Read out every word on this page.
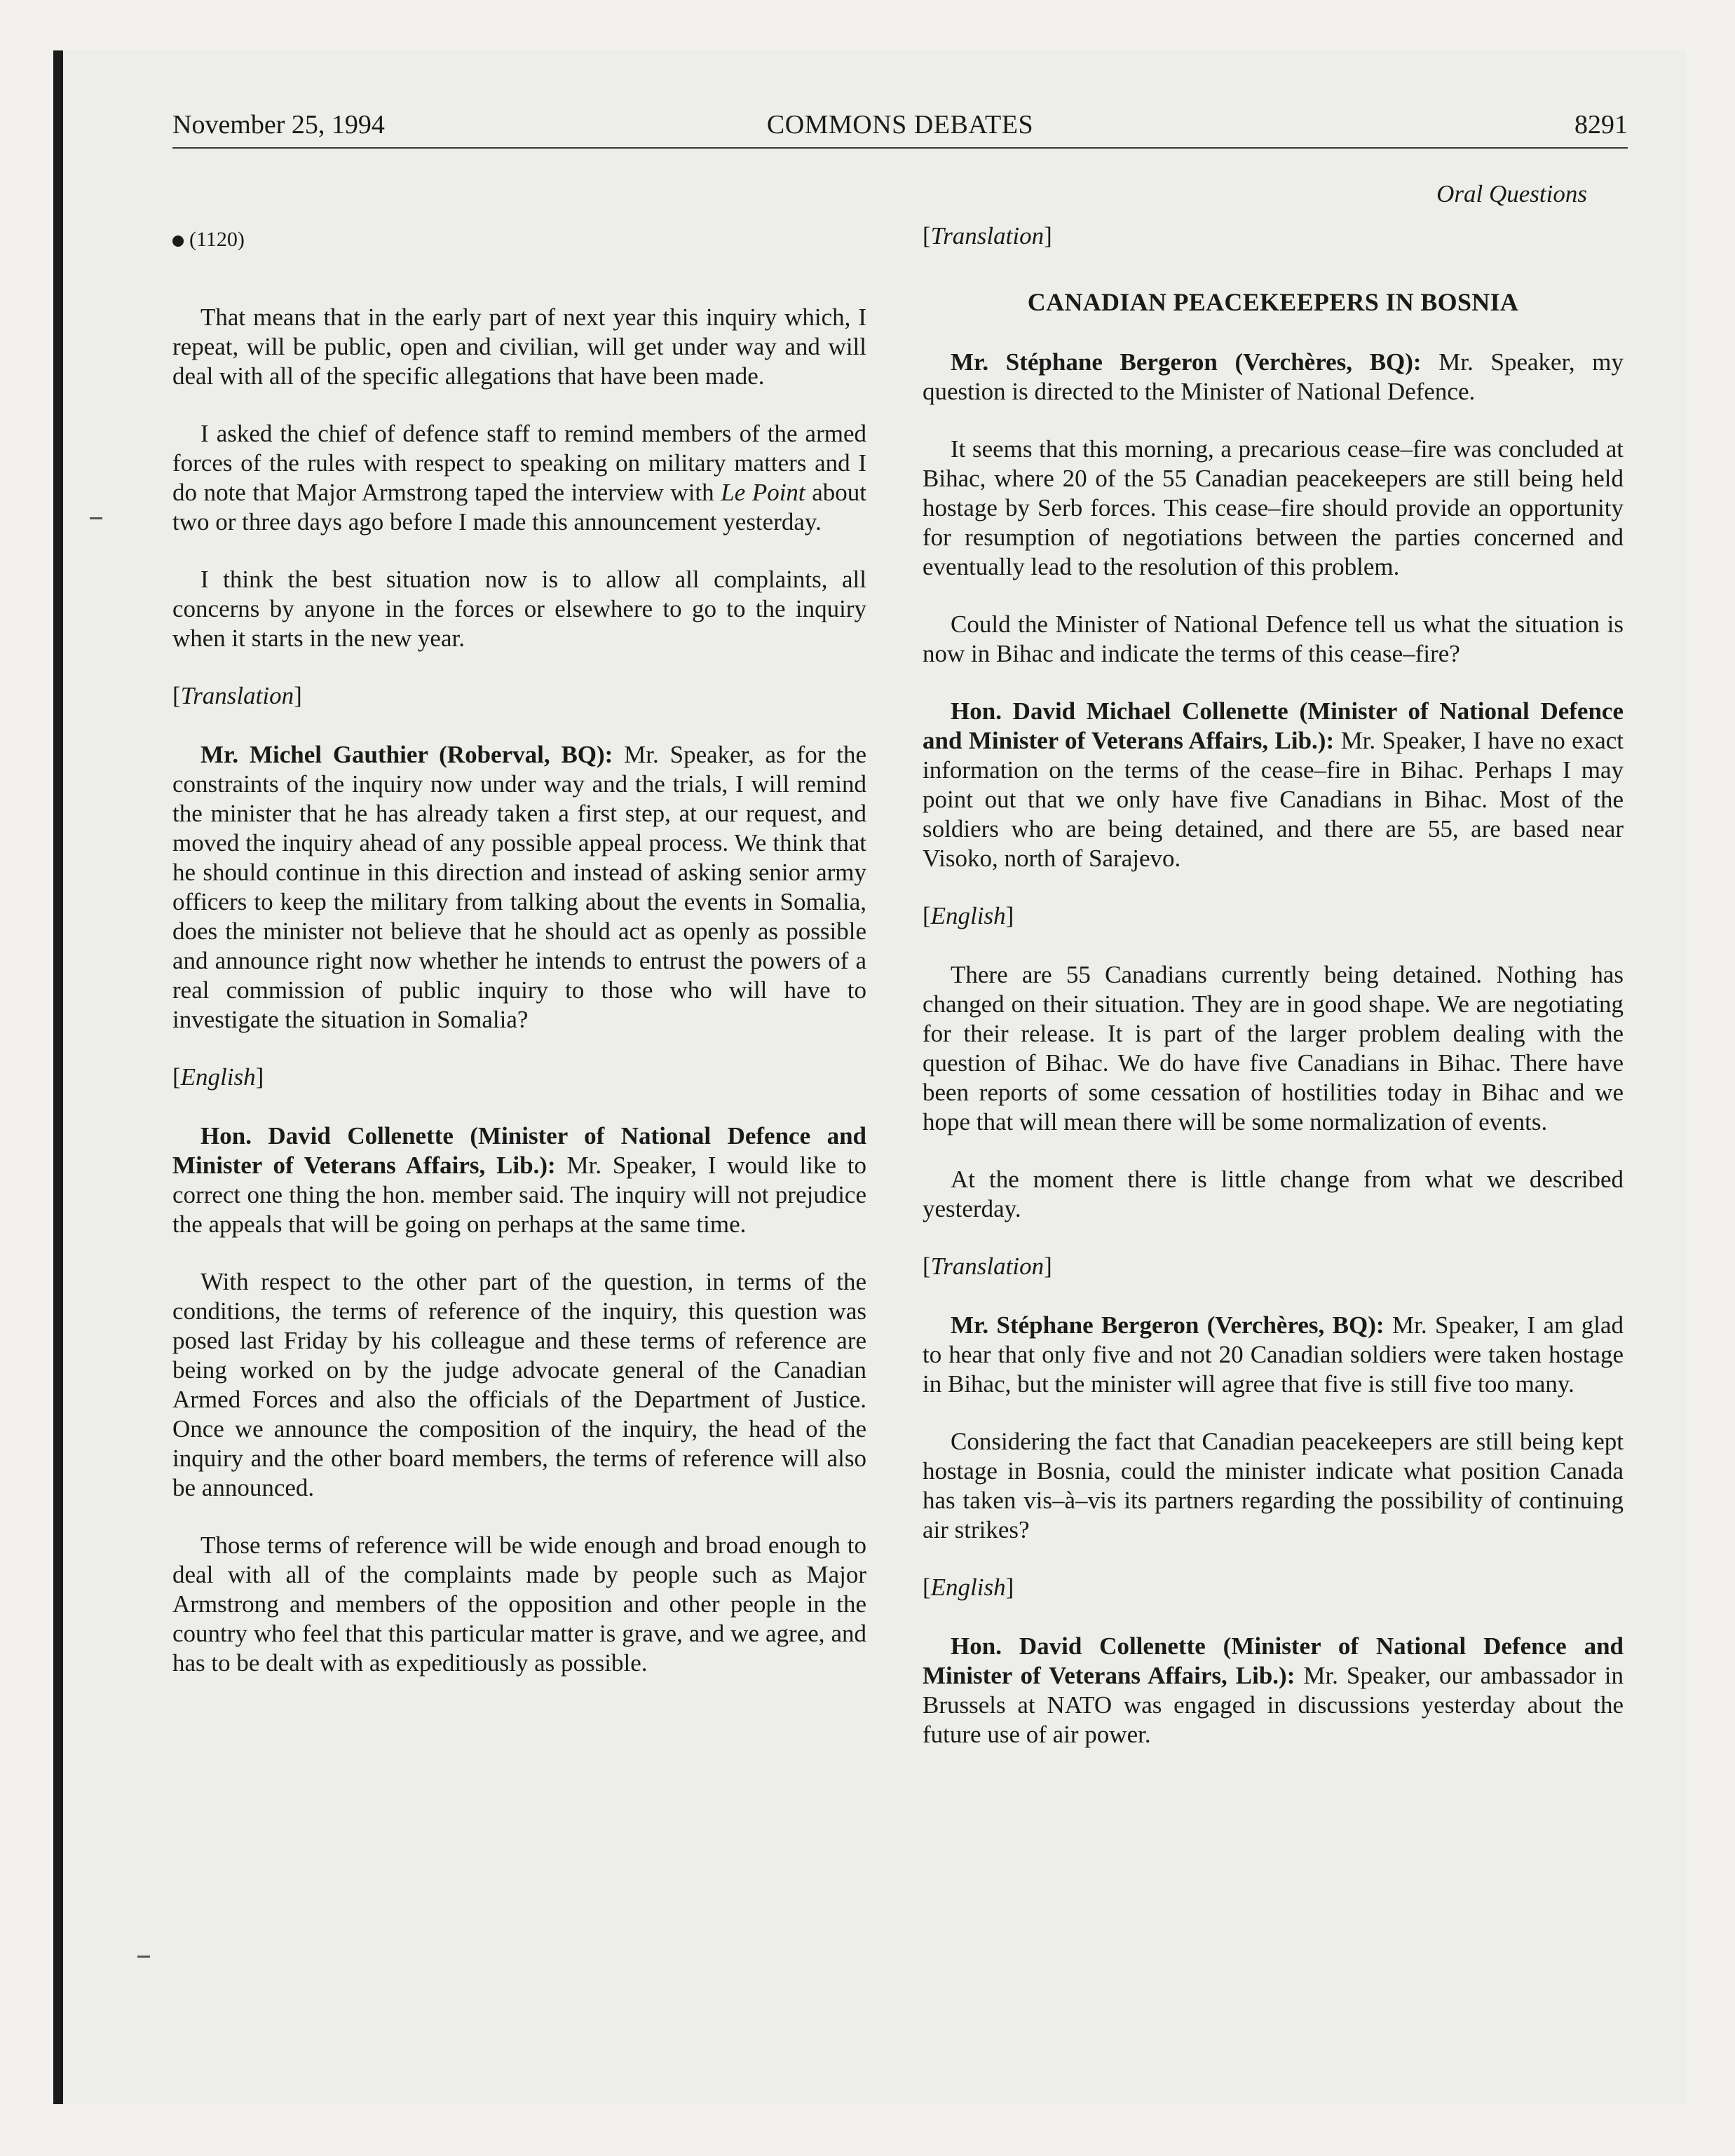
November 25, 1994	COMMONS DEBATES	8291
(1120)

That means that in the early part of next year this inquiry which, I repeat, will be public, open and civilian, will get under way and will deal with all of the specific allegations that have been made.

I asked the chief of defence staff to remind members of the armed forces of the rules with respect to speaking on military matters and I do note that Major Armstrong taped the interview with Le Point about two or three days ago before I made this announcement yesterday.

I think the best situation now is to allow all complaints, all concerns by anyone in the forces or elsewhere to go to the inquiry when it starts in the new year.

[ Translation ]

Mr. Michel Gauthier (Roberval, BQ): Mr. Speaker, as for the constraints of the inquiry now under way and the trials, I will remind the minister that he has already taken a first step, at our request, and moved the inquiry ahead of any possible appeal process. We think that he should continue in this direction and instead of asking senior army officers to keep the military from talking about the events in Somalia, does the minister not believe that he should act as openly as possible and announce right now whether he intends to entrust the powers of a real commission of public inquiry to those who will have to investigate the situation in Somalia?

[ English ]

Hon. David Collenette (Minister of National Defence and Minister of Veterans Affairs, Lib.): Mr. Speaker, I would like to correct one thing the hon. member said. The inquiry will not prejudice the appeals that will be going on perhaps at the same time.

With respect to the other part of the question, in terms of the conditions, the terms of reference of the inquiry, this question was posed last Friday by his colleague and these terms of reference are being worked on by the judge advocate general of the Canadian Armed Forces and also the officials of the Department of Justice. Once we announce the composition of the inquiry, the head of the inquiry and the other board members, the terms of reference will also be announced.

Those terms of reference will be wide enough and broad enough to deal with all of the complaints made by people such as Major Armstrong and members of the opposition and other people in the country who feel that this particular matter is grave, and we agree, and has to be dealt with as expeditiously as possible.

Oral Questions

[ Translation ]

CANADIAN PEACEKEEPERS IN BOSNIA

Mr. Stéphane Bergeron (Verchères, BQ): Mr. Speaker, my question is directed to the Minister of National Defence.

It seems that this morning, a precarious cease–fire was concluded at Bihac, where 20 of the 55 Canadian peacekeepers are still being held hostage by Serb forces. This cease–fire should provide an opportunity for resumption of negotiations between the parties concerned and eventually lead to the resolution of this problem.

Could the Minister of National Defence tell us what the situation is now in Bihac and indicate the terms of this cease–fire?

Hon. David Michael Collenette (Minister of National Defence and Minister of Veterans Affairs, Lib.): Mr. Speaker, I have no exact information on the terms of the cease–fire in Bihac. Perhaps I may point out that we only have five Canadians in Bihac. Most of the soldiers who are being detained, and there are 55, are based near Visoko, north of Sarajevo.

[ English ]

There are 55 Canadians currently being detained. Nothing has changed on their situation. They are in good shape. We are negotiating for their release. It is part of the larger problem dealing with the question of Bihac. We do have five Canadians in Bihac. There have been reports of some cessation of hostilities today in Bihac and we hope that will mean there will be some normalization of events.

At the moment there is little change from what we described yesterday.

[ Translation ]

Mr. Stéphane Bergeron (Verchères, BQ): Mr. Speaker, I am glad to hear that only five and not 20 Canadian soldiers were taken hostage in Bihac, but the minister will agree that five is still five too many.

Considering the fact that Canadian peacekeepers are still being kept hostage in Bosnia, could the minister indicate what position Canada has taken vis–à–vis its partners regarding the possibility of continuing air strikes?

[ English ]

Hon. David Collenette (Minister of National Defence and Minister of Veterans Affairs, Lib.): Mr. Speaker, our ambassador in Brussels at NATO was engaged in discussions yesterday about the future use of air power.
